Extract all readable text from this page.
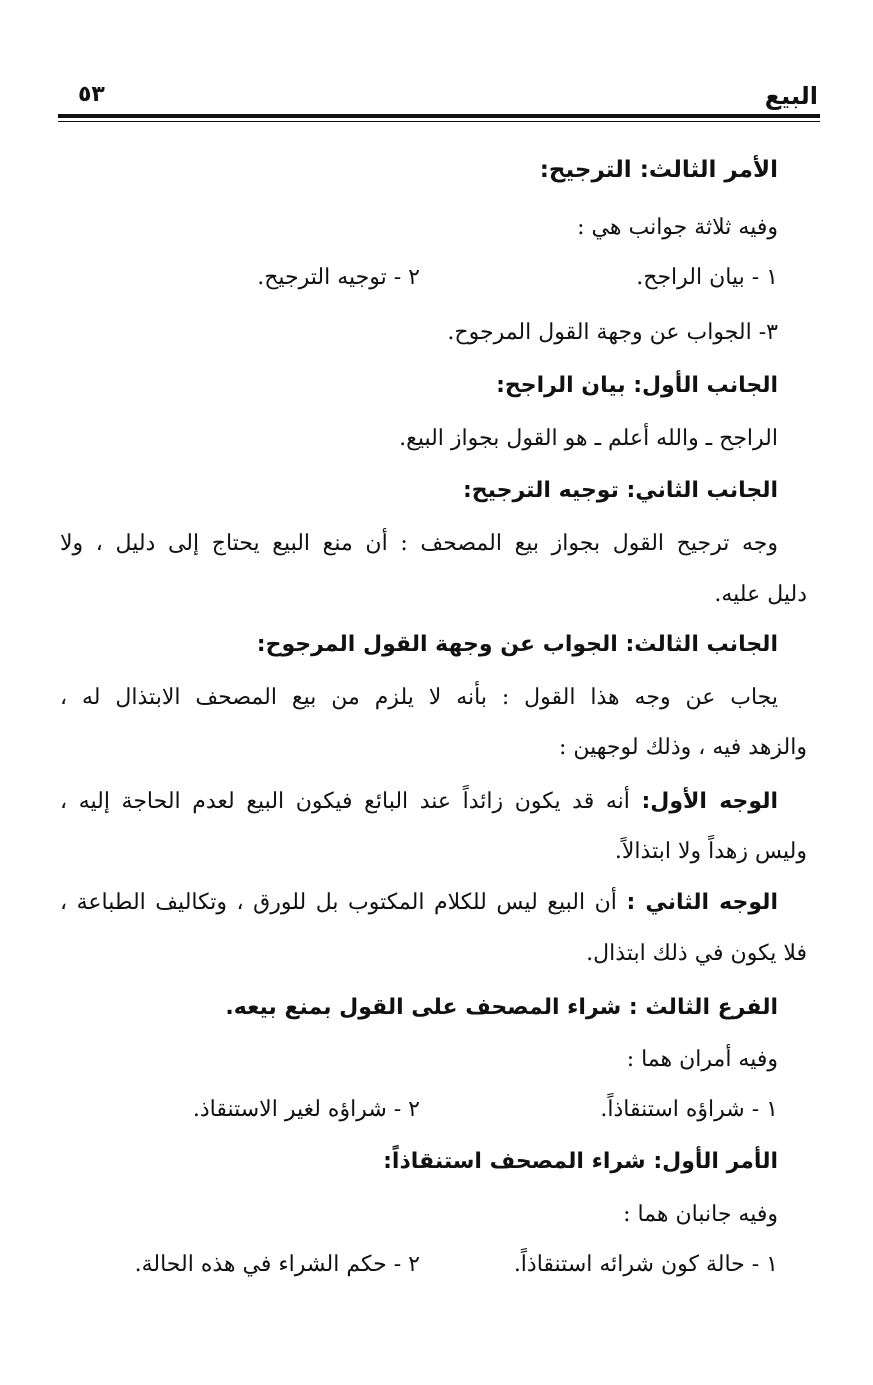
البيع
٥٣
الأمر الثالث: الترجيح:
وفيه ثلاثة جوانب هي :
١ - بيان الراجح.
٢ - توجيه الترجيح.
٣- الجواب عن وجهة القول المرجوح.
الجانب الأول: بيان الراجح:
الراجح ـ والله أعلم ـ هو القول بجواز البيع.
الجانب الثاني: توجيه الترجيح:
وجه ترجيح القول بجواز بيع المصحف : أن منع البيع يحتاج إلى دليل ، ولا
دليل عليه.
الجانب الثالث: الجواب عن وجهة القول المرجوح:
يجاب عن وجه هذا القول : بأنه لا يلزم من بيع المصحف الابتذال له ،
والزهد فيه ، وذلك لوجهين :
الوجه الأول: أنه قد يكون زائداً عند البائع فيكون البيع لعدم الحاجة إليه ،
وليس زهداً ولا ابتذالاً.
الوجه الثاني : أن البيع ليس للكلام المكتوب بل للورق ، وتكاليف الطباعة ،
فلا يكون في ذلك ابتذال.
الفرع الثالث : شراء المصحف على القول بمنع بيعه.
وفيه أمران هما :
١ - شراؤه استنقاذاً.
٢ - شراؤه لغير الاستنقاذ.
الأمر الأول: شراء المصحف استنقاذاً:
وفيه جانبان هما :
١ - حالة كون شرائه استنقاذاً.
٢ - حكم الشراء في هذه الحالة.
